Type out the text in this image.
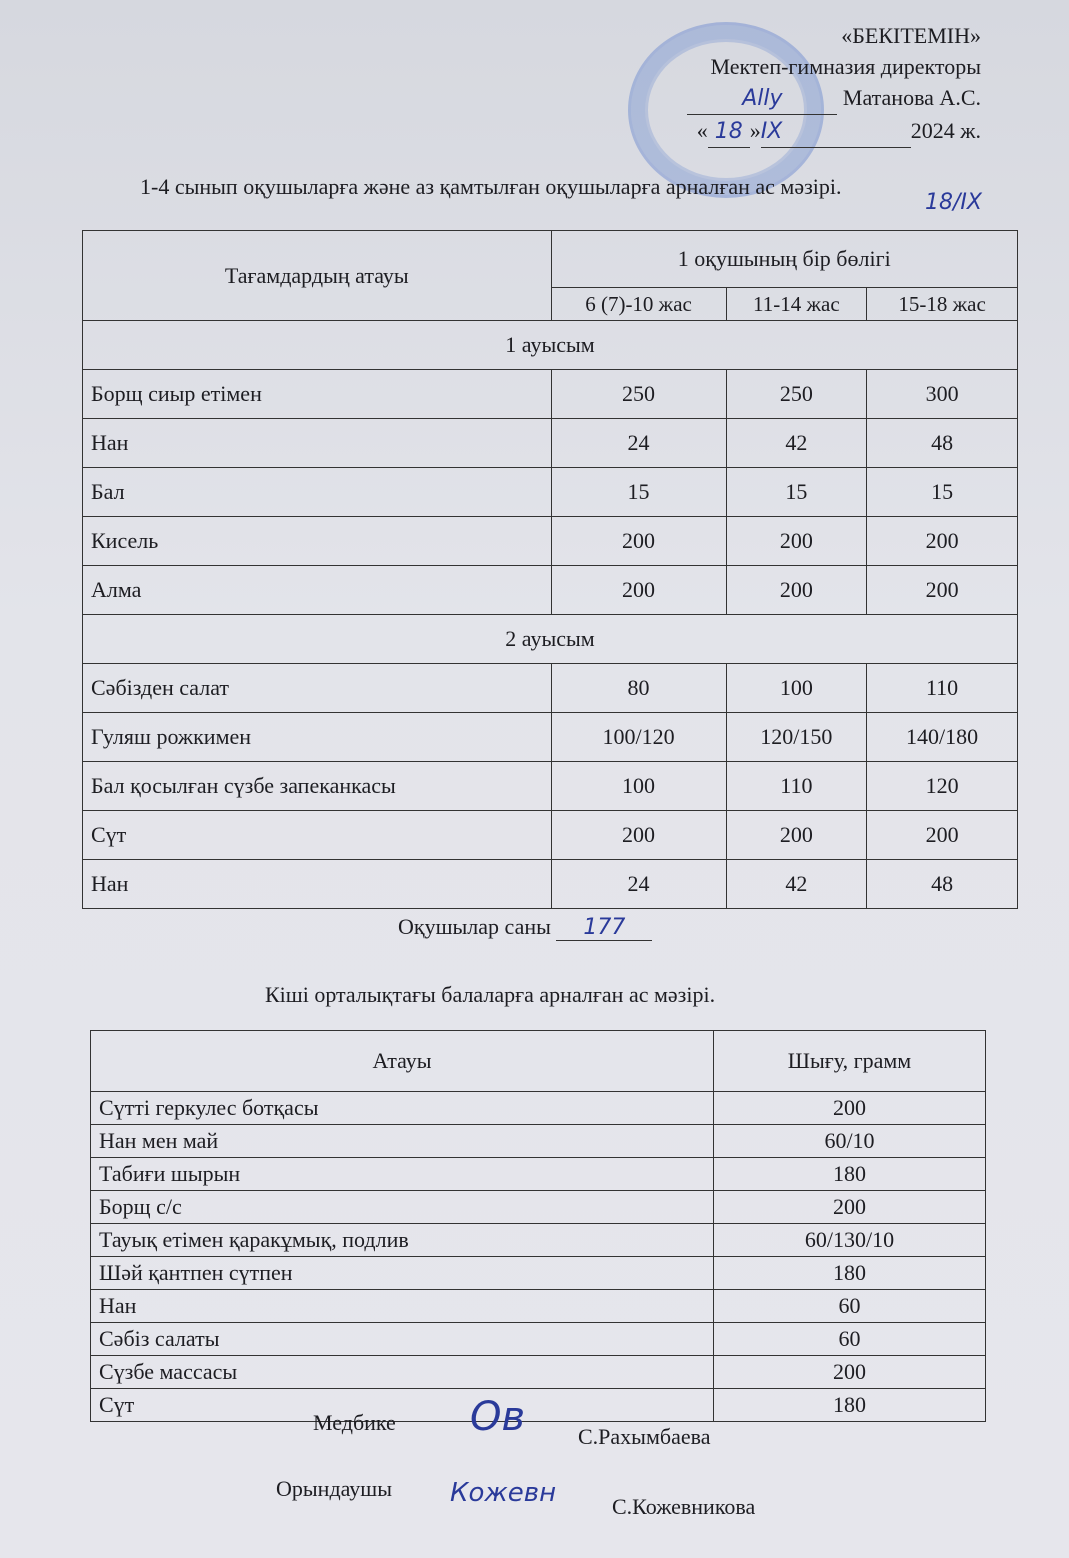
«БЕКІТЕМІН»
Мектеп-гимназия директоры
Ally	Матанова А.С.
« 18 »IX	2024 ж.
1-4 сынып оқушыларға және аз қамтылған оқушыларға арналған ас мәзірі.
18/IX
Тағамдардың атауы	1 оқушының бір бөлігі		
	6 (7)-10 жас	11-14 жас	15-18 жас
1 ауысым			
Борщ сиыр етімен	250	250	300
Нан	24	42	48
Бал	15	15	15
Кисель	200	200	200
Алма	200	200	200
2 ауысым			
Сәбізден салат	80	100	110
Гуляш рожкимен	100/120	120/150	140/180
Бал қосылған сүзбе запеканкасы	100	110	120
Сүт	200	200	200
Нан	24	42	48
Оқушылар саны 177
Кіші орталықтағы балаларға арналған ас мәзірі.
Атауы	Шығу, грамм
Сүтті геркулес ботқасы	200
Нан мен май	60/10
Табиғи шырын	180
Борщ с/с	200
Тауық етімен қаракұмық, подлив	60/130/10
Шәй қантпен сүтпен	180
Нан	60
Сәбіз салаты	60
Сүзбе массасы	200
Сүт	180
Медбике
С.Рахымбаева
Ов
Орындаушы
С.Кожевникова
Кожевн
